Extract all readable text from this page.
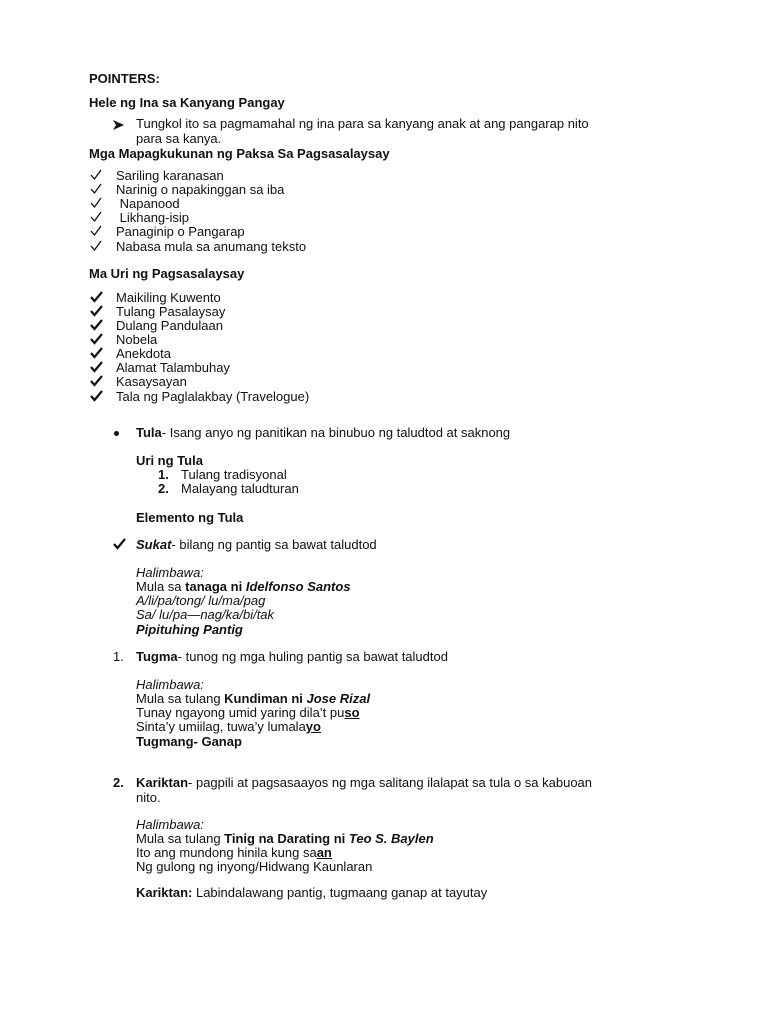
POINTERS:
Hele ng Ina sa Kanyang Pangay
Tungkol ito sa pagmamahal ng ina para sa kanyang anak at ang pangarap nito
para sa kanya.
Mga Mapagkukunan ng Paksa Sa Pagsasalaysay
Sariling karanasan
Narinig o napakinggan sa iba
Napanood
Likhang-isip
Panaginip o Pangarap
Nabasa mula sa anumang teksto
Ma Uri ng Pagsasalaysay
Maikiling Kuwento
Tulang Pasalaysay
Dulang Pandulaan
Nobela
Anekdota
Alamat Talambuhay
Kasaysayan
Tala ng Paglalakbay (Travelogue)
Tula- Isang anyo ng panitikan na binubuo ng taludtod at saknong
Uri ng Tula
1. Tulang tradisyonal
2. Malayang taludturan
Elemento ng Tula
Sukat- bilang ng pantig sa bawat taludtod
Halimbawa:
Mula sa tanaga ni Idelfonso Santos
A/li/pa/tong/ lu/ma/pag
Sa/ lu/pa—nag/ka/bi/tak
Pipituhing Pantig
1. Tugma- tunog ng mga huling pantig sa bawat taludtod
Halimbawa:
Mula sa tulang Kundiman ni Jose Rizal
Tunay ngayong umid yaring dila’t puso
Sinta’y umiilag, tuwa’y lumalayo
Tugmang- Ganap
2. Kariktan- pagpili at pagsasaayos ng mga salitang ilalapat sa tula o sa kabuoan
nito.
Halimbawa:
Mula sa tulang Tinig na Darating ni Teo S. Baylen
Ito ang mundong hinila kung saan
Ng gulong ng inyong/Hidwang Kaunlaran
Kariktan: Labindalawang pantig, tugmaang ganap at tayutay
